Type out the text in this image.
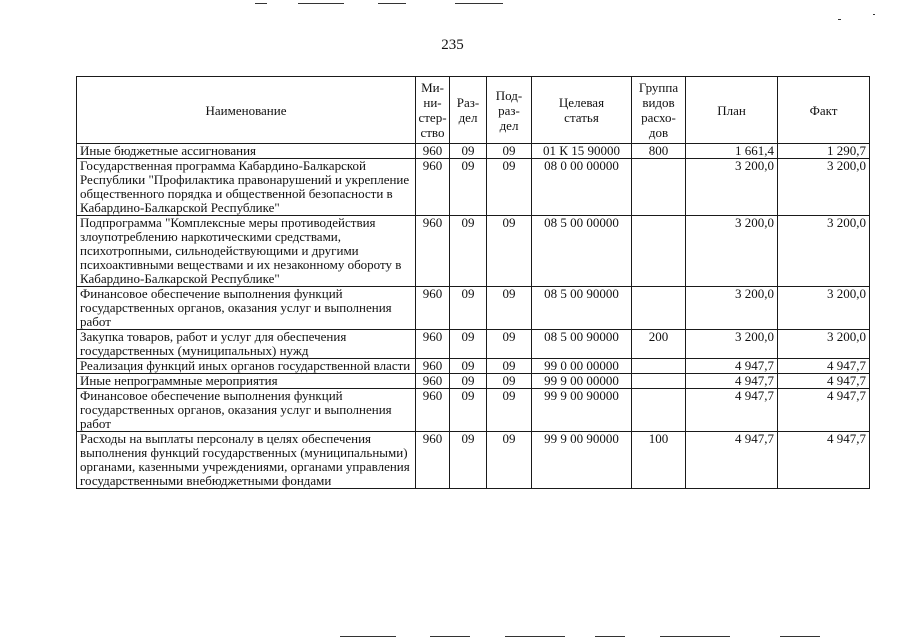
235
Наименование	Ми-
ни-
стер-
ство	Раз-
дел	Под-
раз-
дел	Целевая
статья	Группа
видов
расхо-
дов	План	Факт

Иные бюджетные ассигнования	960	09	09	01 К 15 90000	800	1 661,4	1 290,7
Государственная программа Кабардино-Балкарской Республики "Профилактика правонарушений и укрепление общественного порядка и общественной безопасности в Кабардино-Балкарской Республике"	960	09	09	08 0 00 00000		3 200,0	3 200,0
Подпрограмма "Комплексные меры противодействия злоупотреблению наркотическими средствами, психотропными, сильнодействующими и другими психоактивными веществами и их незаконному обороту в Кабардино-Балкарской Республике"	960	09	09	08 5 00 00000		3 200,0	3 200,0
Финансовое обеспечение выполнения функций государственных органов, оказания услуг и выполнения работ	960	09	09	08 5 00 90000		3 200,0	3 200,0
Закупка товаров, работ и услуг для обеспечения государственных (муниципальных) нужд	960	09	09	08 5 00 90000	200	3 200,0	3 200,0
Реализация функций иных органов государственной власти	960	09	09	99 0 00 00000		4 947,7	4 947,7
Иные непрограммные мероприятия	960	09	09	99 9 00 00000		4 947,7	4 947,7
Финансовое обеспечение выполнения функций государственных органов, оказания услуг и выполнения работ	960	09	09	99 9 00 90000		4 947,7	4 947,7
Расходы на выплаты персоналу в целях обеспечения выполнения функций государственных (муниципальными) органами, казенными учреждениями, органами управления государственными внебюджетными фондами	960	09	09	99 9 00 90000	100	4 947,7	4 947,7
